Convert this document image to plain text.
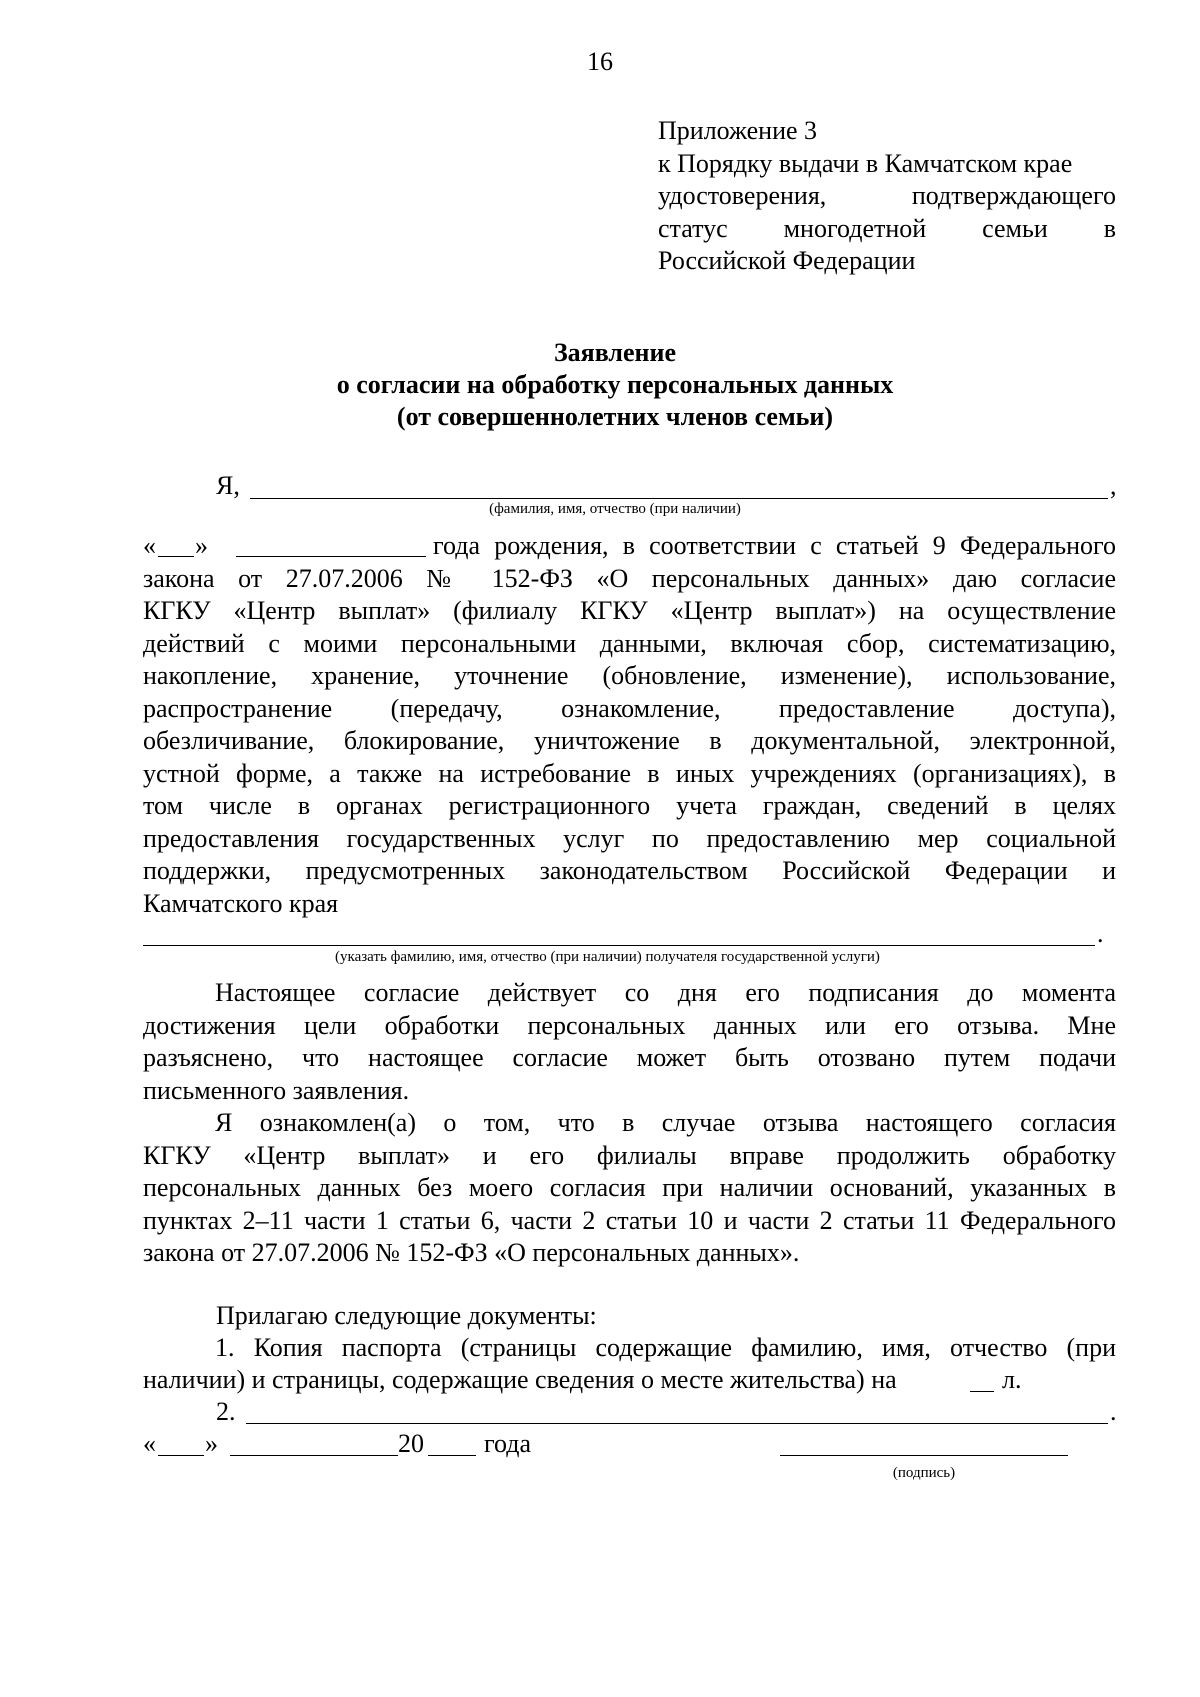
16
Приложение 3
к Порядку выдачи в Камчатском крае
удостоверения, подтверждающего
статус многодетной семьи в
Российской Федерации
Заявление
о согласии на обработку персональных данных
(от совершеннолетних членов семьи)
Я,	,
(фамилия, имя, отчество (при наличии)
« »	года рождения, в соответствии с статьей 9 Федерального
закона от 27.07.2006 № 152-ФЗ «О персональных данных» даю согласие
КГКУ «Центр выплат» (филиалу КГКУ «Центр выплат») на осуществление
действий с моими персональными данными, включая сбор, систематизацию,
накопление, хранение, уточнение (обновление, изменение), использование,
распространение (передачу, ознакомление, предоставление доступа),
обезличивание, блокирование, уничтожение в документальной, электронной,
устной форме, а также на истребование в иных учреждениях (организациях), в
том числе в органах регистрационного учета граждан, сведений в целях
предоставления государственных услуг по предоставлению мер социальной
поддержки, предусмотренных законодательством Российской Федерации и
Камчатского края
.
(указать фамилию, имя, отчество (при наличии) получателя государственной услуги)
Настоящее согласие действует со дня его подписания до момента
достижения цели обработки персональных данных или его отзыва. Мне
разъяснено, что настоящее согласие может быть отозвано путем подачи
письменного заявления.
Я ознакомлен(а) о том, что в случае отзыва настоящего согласия
КГКУ «Центр выплат» и его филиалы вправе продолжить обработку
персональных данных без моего согласия при наличии оснований, указанных в
пунктах 2–11 части 1 статьи 6, части 2 статьи 10 и части 2 статьи 11 Федерального
закона от 27.07.2006 № 152-ФЗ «О персональных данных».
Прилагаю следующие документы:
1. Копия паспорта (страницы содержащие фамилию, имя, отчество (при
наличии) и страницы, содержащие сведения о месте жительства) на	л.
2.	.
« »	20 года
(подпись)
